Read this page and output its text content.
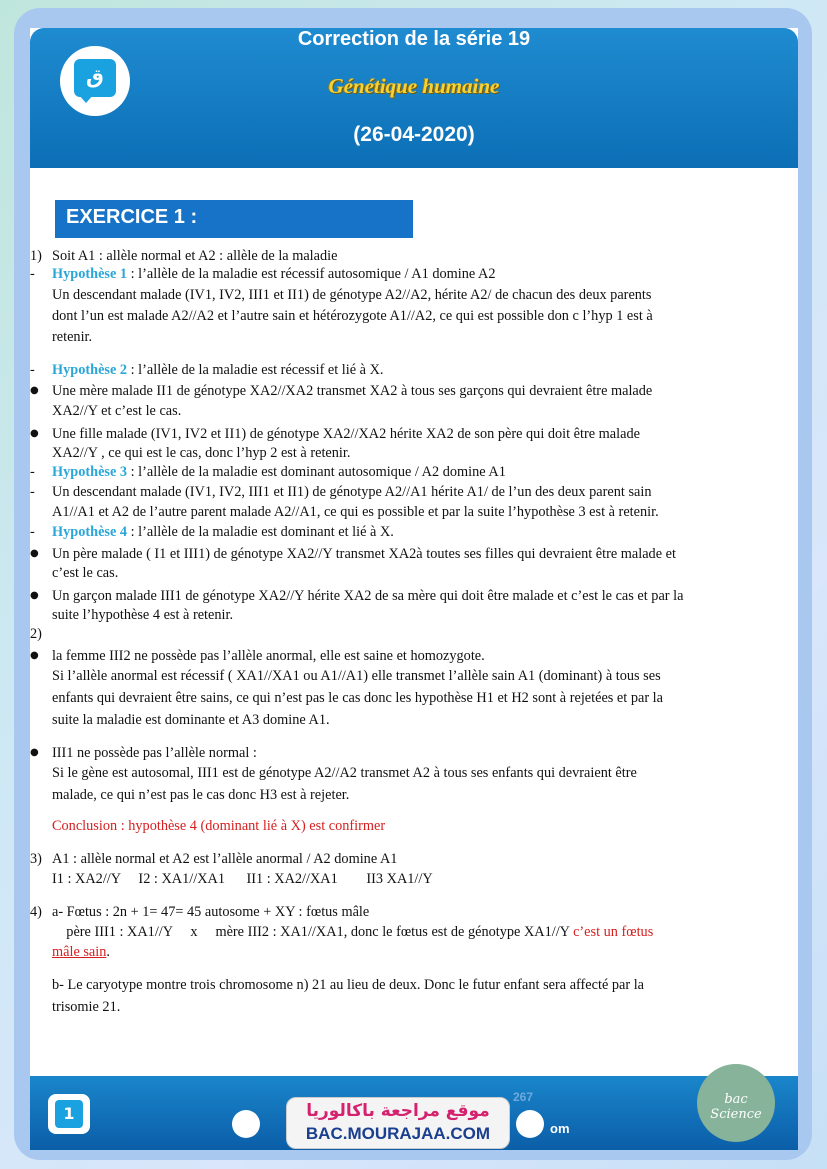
ﻕ
Correction de la série 19
Génétique humaine
(26-04-2020)
EXERCICE 1 :
1) Soit A1 : allèle normal et A2 : allèle de la maladie
- Hypothèse 1 : l’allèle de la maladie est récessif autosomique / A1 domine A2
Un descendant malade (IV1, IV2, III1 et II1) de génotype A2//A2, hérite A2/ de chacun des deux parents
dont l’un est malade A2//A2 et l’autre sain et hétérozygote A1//A2, ce qui est possible don c l’hyp 1 est à
retenir.
- Hypothèse 2 : l’allèle de la maladie est récessif et lié à X.
● Une mère malade II1 de génotype XA2//XA2 transmet XA2 à tous ses garçons qui devraient être malade
XA2//Y et c’est le cas.
● Une fille malade (IV1, IV2 et II1) de génotype XA2//XA2 hérite XA2 de son père qui doit être malade
XA2//Y , ce qui est le cas, donc l’hyp 2 est à retenir.
- Hypothèse 3 : l’allèle de la maladie est dominant autosomique / A2 domine A1
- Un descendant malade (IV1, IV2, III1 et II1) de génotype A2//A1 hérite A1/ de l’un des deux parent sain
A1//A1 et A2 de l’autre parent malade A2//A1, ce qui es possible et par la suite l’hypothèse 3 est à retenir.
- Hypothèse 4 : l’allèle de la maladie est dominant et lié à X.
● Un père malade ( I1 et III1) de génotype XA2//Y transmet XA2à toutes ses filles qui devraient être malade et
c’est le cas.
● Un garçon malade III1 de génotype XA2//Y hérite XA2 de sa mère qui doit être malade et c’est le cas et par la
suite l’hypothèse 4 est à retenir.
2)
● la femme III2 ne possède pas l’allèle anormal, elle est saine et homozygote.
Si l’allèle anormal est récessif ( XA1//XA1 ou A1//A1) elle transmet l’allèle sain A1 (dominant) à tous ses
enfants qui devraient être sains, ce qui n’est pas le cas donc les hypothèse H1 et H2 sont à rejetées et par la
suite la maladie est dominante et A3 domine A1.
● III1 ne possède pas l’allèle normal :
Si le gène est autosomal, III1 est de génotype A2//A2 transmet A2 à tous ses enfants qui devraient être
malade, ce qui n’est pas le cas donc H3 est à rejeter.
Conclusion : hypothèse 4 (dominant lié à X) est confirmer
3) A1 : allèle normal et A2 est l’allèle anormal / A2 domine A1
I1 : XA2//Y     I2 : XA1//XA1      II1 : XA2//XA1        II3 XA1//Y
4) a- Fœtus : 2n + 1= 47= 45 autosome + XY : fœtus mâle
père III1 : XA1//Y     x     mère III2 : XA1//XA1, donc le fœtus est de génotype XA1//Y c’est un fœtus
mâle sain.
b- Le caryotype montre trois chromosome n) 21 au lieu de deux. Donc le futur enfant sera affecté par la
trisomie 21.
1
267
موقع مراجعة باكالوريا
BAC.MOURAJAA.COM	om
bac Science
